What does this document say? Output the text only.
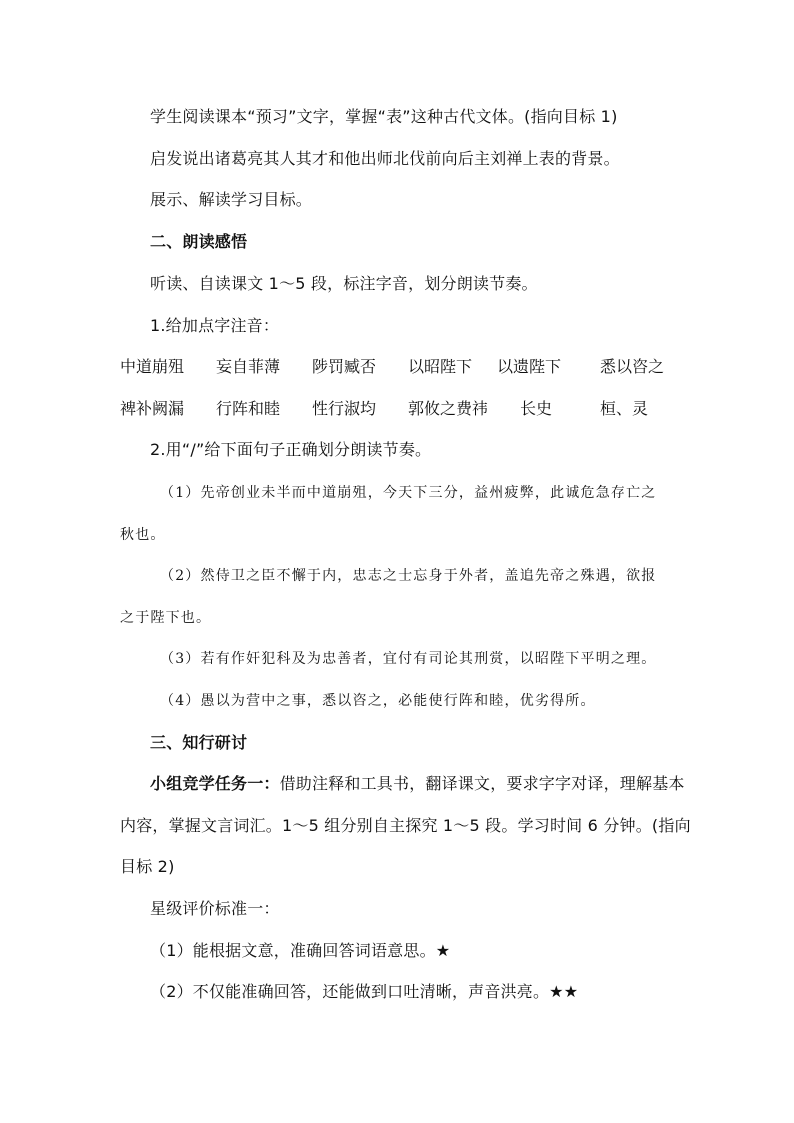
学生阅读课本“预习”文字，掌握“表”这种古代文体。(指向目标 1)
启发说出诸葛亮其人其才和他出师北伐前向后主刘禅上表的背景。
展示、解读学习目标。
二、朗读感悟
听读、自读课文 1～5 段，标注字音，划分朗读节奏。
1.给加点字注音：
中道崩殂 妄自菲薄 陟罚臧否 以昭陛下 以遗陛下 悉以咨之
裨补阙漏 行阵和睦 性行淑均 郭攸之费祎 长史	桓、灵
2.用“/”给下面句子正确划分朗读节奏。
（1）先帝创业未半而中道崩殂，今天下三分，益州疲弊，此诚危急存亡之
秋也。
（2）然侍卫之臣不懈于内，忠志之士忘身于外者，盖追先帝之殊遇，欲报
之于陛下也。
（3）若有作奸犯科及为忠善者，宜付有司论其刑赏，以昭陛下平明之理。
（4）愚以为营中之事，悉以咨之，必能使行阵和睦，优劣得所。
三、知行研讨
小组竞学任务一：借助注释和工具书，翻译课文，要求字字对译，理解基本
内容，掌握文言词汇。1～5 组分别自主探究 1～5 段。学习时间 6 分钟。(指向
目标 2)
星级评价标准一：
（1）能根据文意，准确回答词语意思。★
（2）不仅能准确回答，还能做到口吐清晰，声音洪亮。★★
